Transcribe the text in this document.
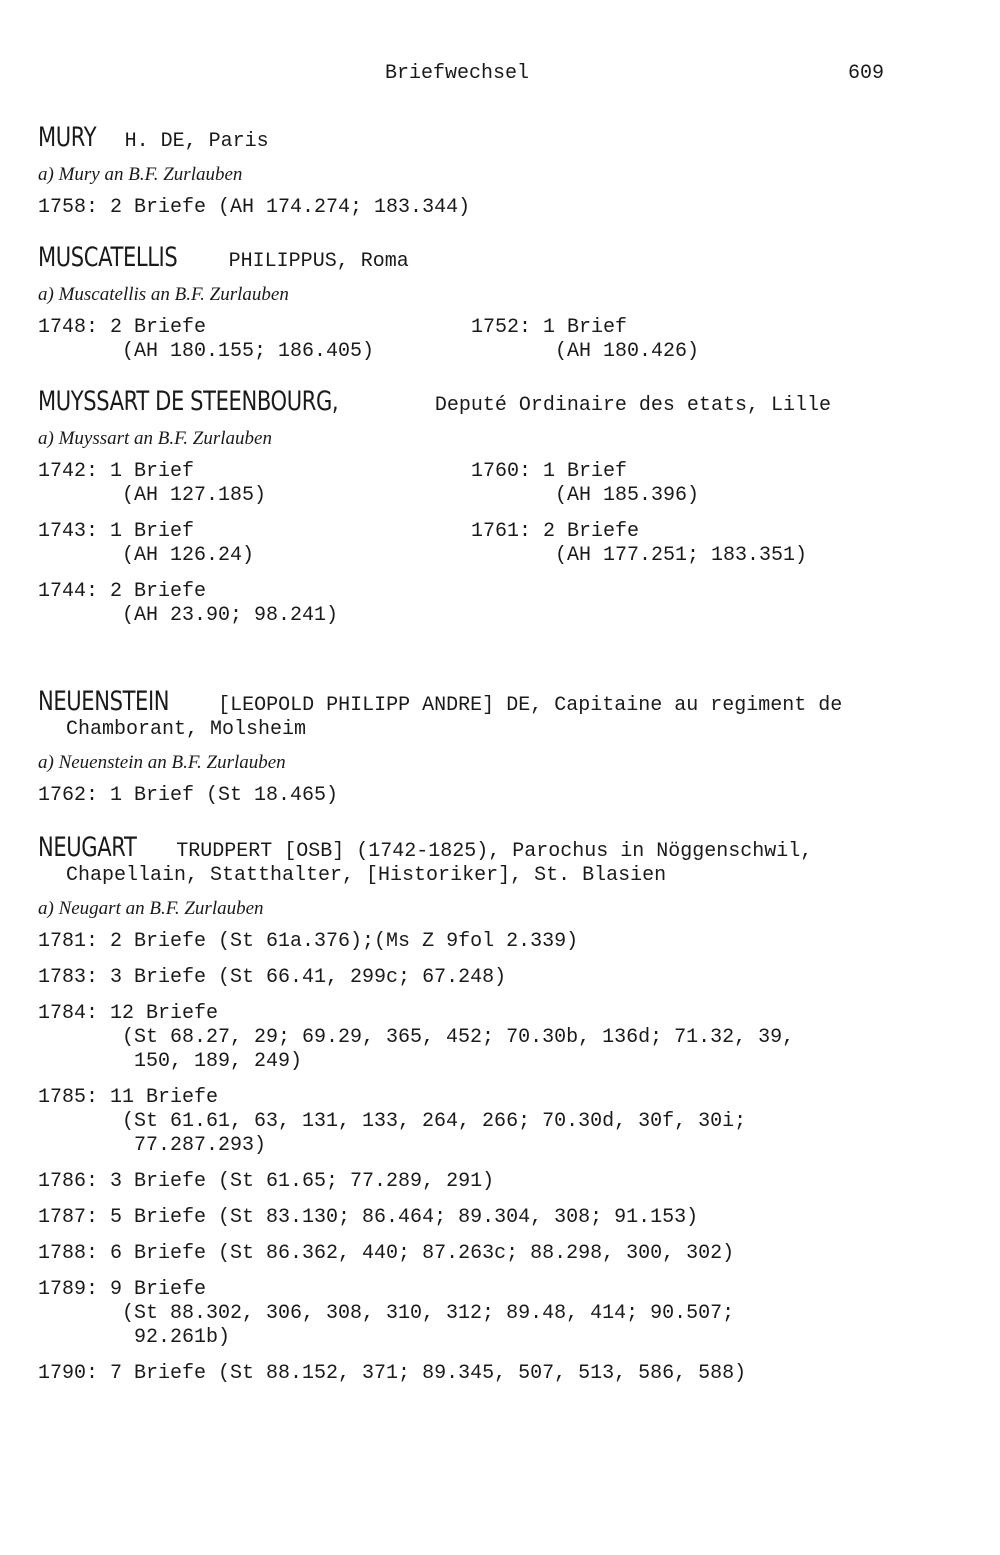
Briefwechsel	609
MURY H. DE, Paris
a) Mury an B.F. Zurlauben
1758: 2 Briefe (AH 174.274; 183.344)
MUSCATELLIS PHILIPPUS, Roma
a) Muscatellis an B.F. Zurlauben
1748: 2 Briefe
(AH 180.155; 186.405)
1752: 1 Brief
(AH 180.426)
MUYSSART DE STEENBOURG,	Deputé Ordinaire des etats, Lille
a) Muyssart an B.F. Zurlauben
1742: 1 Brief
(AH 127.185)
1760: 1 Brief
(AH 185.396)
1743: 1 Brief
(AH 126.24)
1761: 2 Briefe
(AH 177.251; 183.351)
1744: 2 Briefe
(AH 23.90; 98.241)
NEUENSTEIN [LEOPOLD PHILIPP ANDRE] DE, Capitaine au regiment de
Chamborant, Molsheim
a) Neuenstein an B.F. Zurlauben
1762: 1 Brief (St 18.465)
NEUGART TRUDPERT [OSB] (1742-1825), Parochus in Nöggenschwil,
Chapellain, Statthalter, [Historiker], St. Blasien
a) Neugart an B.F. Zurlauben
1781: 2 Briefe (St 61a.376);(Ms Z 9fol 2.339)
1783: 3 Briefe (St 66.41, 299c; 67.248)
1784: 12 Briefe
(St 68.27, 29; 69.29, 365, 452; 70.30b, 136d; 71.32, 39,
150, 189, 249)
1785: 11 Briefe
(St 61.61, 63, 131, 133, 264, 266; 70.30d, 30f, 30i;
77.287.293)
1786: 3 Briefe (St 61.65; 77.289, 291)
1787: 5 Briefe (St 83.130; 86.464; 89.304, 308; 91.153)
1788: 6 Briefe (St 86.362, 440; 87.263c; 88.298, 300, 302)
1789: 9 Briefe
(St 88.302, 306, 308, 310, 312; 89.48, 414; 90.507;
92.261b)
1790: 7 Briefe (St 88.152, 371; 89.345, 507, 513, 586, 588)
